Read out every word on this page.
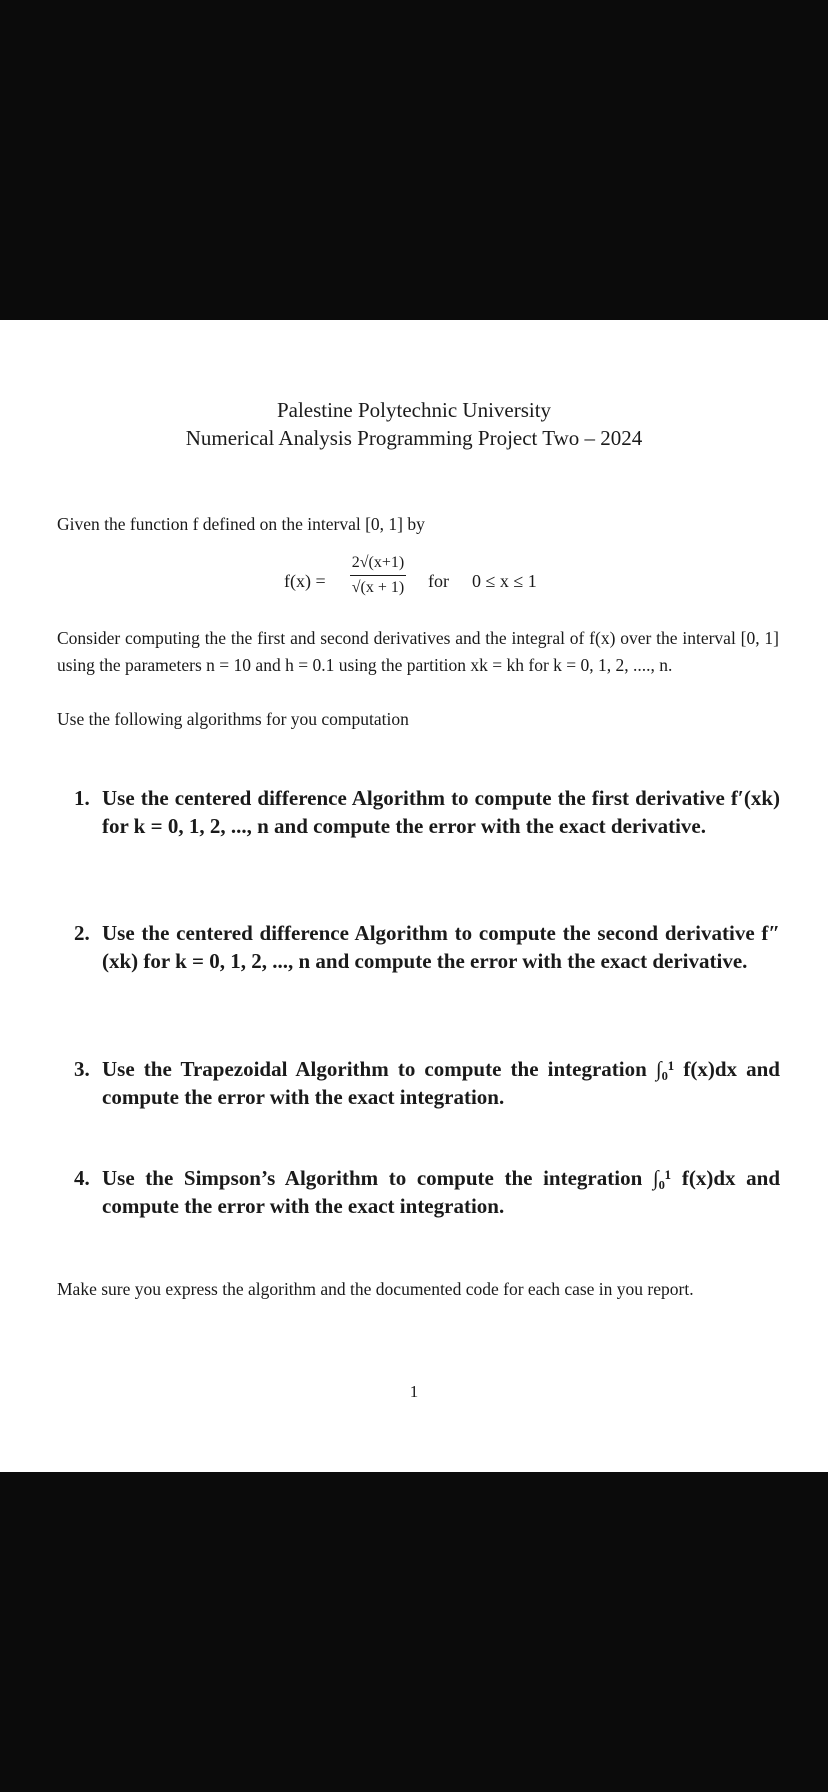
Palestine Polytechnic University
Numerical Analysis Programming Project Two – 2024
Given the function f defined on the interval [0, 1] by
f(x) =
2√(x+1)
√(x + 1) for 0 ≤ x ≤ 1
Consider computing the the first and second derivatives and the integral of f(x) over the interval [0, 1] using the parameters n = 10 and h = 0.1 using the partition xk = kh for k = 0, 1, 2, ...., n.
Use the following algorithms for you computation
1. Use the centered difference Algorithm to compute the first derivative f′(xk) for k = 0, 1, 2, ..., n and compute the error with the exact derivative.
2. Use the centered difference Algorithm to compute the second derivative f″(xk) for k = 0, 1, 2, ..., n and compute the error with the exact derivative.
3. Use the Trapezoidal Algorithm to compute the integration ∫₀¹ f(x)dx and compute the error with the exact integration.
4. Use the Simpson’s Algorithm to compute the integration ∫₀¹ f(x)dx and compute the error with the exact integration.
Make sure you express the algorithm and the documented code for each case in you report.
1
